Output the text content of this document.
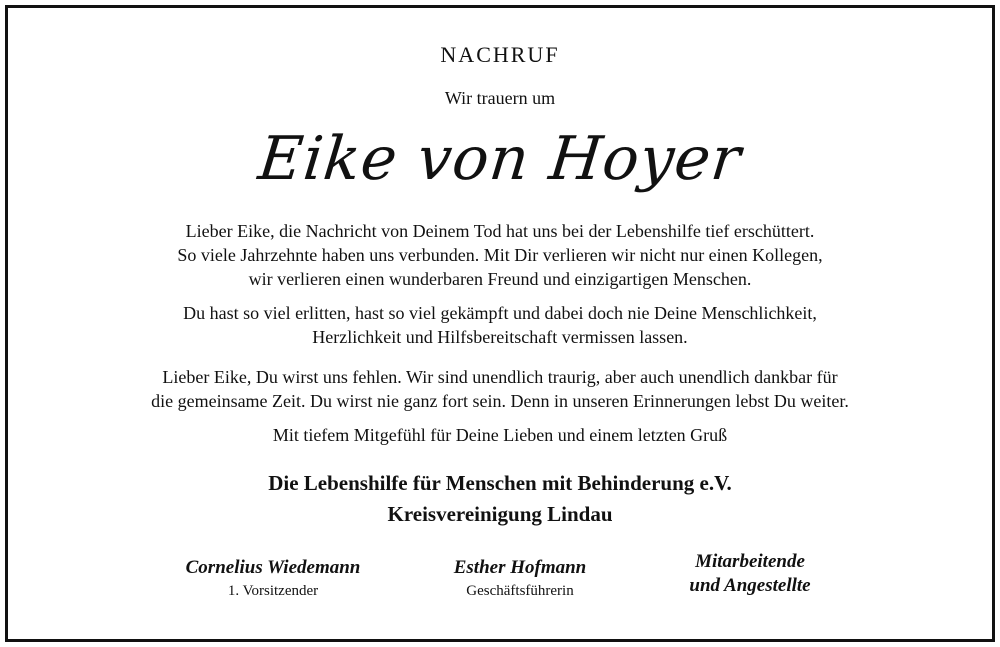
NACHRUF
Wir trauern um
Eike von Hoyer
Lieber Eike, die Nachricht von Deinem Tod hat uns bei der Lebenshilfe tief erschüttert.
So viele Jahrzehnte haben uns verbunden. Mit Dir verlieren wir nicht nur einen Kollegen,
wir verlieren einen wunderbaren Freund und einzigartigen Menschen.
Du hast so viel erlitten, hast so viel gekämpft und dabei doch nie Deine Menschlichkeit,
Herzlichkeit und Hilfsbereitschaft vermissen lassen.
Lieber Eike, Du wirst uns fehlen. Wir sind unendlich traurig, aber auch unendlich dankbar für
die gemeinsame Zeit. Du wirst nie ganz fort sein. Denn in unseren Erinnerungen lebst Du weiter.
Mit tiefem Mitgefühl für Deine Lieben und einem letzten Gruß
Die Lebenshilfe für Menschen mit Behinderung e.V.
Kreisvereinigung Lindau
Cornelius Wiedemann
1. Vorsitzender
Esther Hofmann
Geschäftsführerin
Mitarbeitende
und Angestellte
